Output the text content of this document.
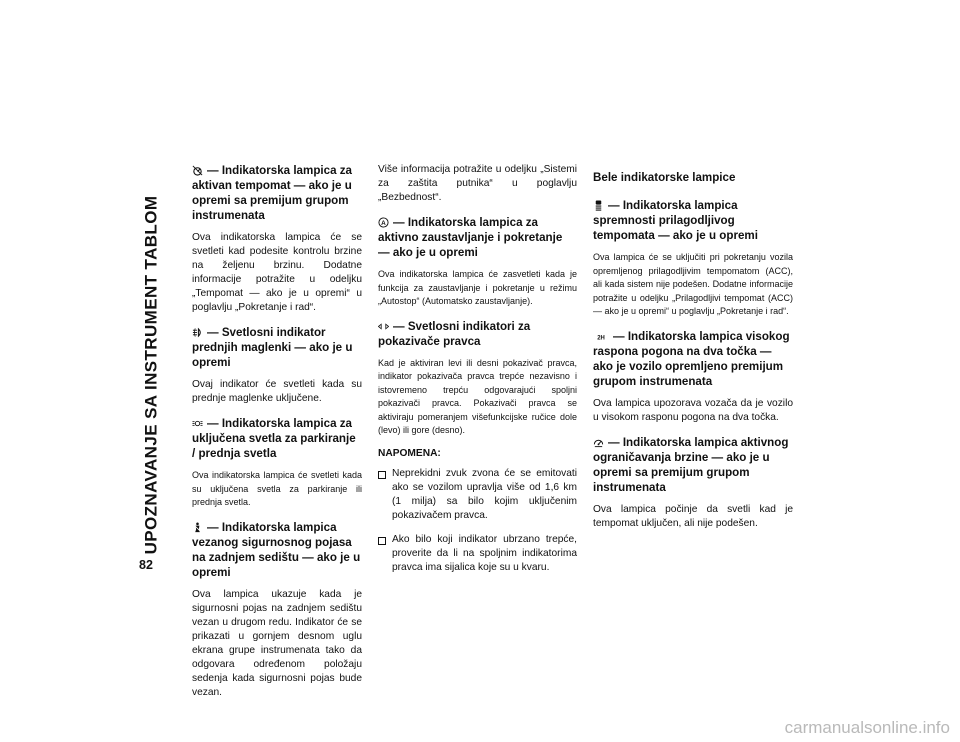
UPOZNAVANJE SA INSTRUMENT TABLOM
82
— Indikatorska lampica za aktivan tempomat — ako je u opremi sa premijum grupom instrumenata

Ova indikatorska lampica će se svetleti kad podesite kontrolu brzine na željenu brzinu. Dodatne informacije potražite u odeljku „Tempomat — ako je u opremi“ u poglavlju „Pokretanje i rad“.

— Svetlosni indikator prednjih maglenki — ako je u opremi

Ovaj indikator će svetleti kada su prednje maglenke uključene.

— Indikatorska lampica za uključena svetla za parkiranje / prednja svetla

Ova indikatorska lampica će svetleti kada su uključena svetla za parkiranje ili prednja svetla.

— Indikatorska lampica vezanog sigurnosnog pojasa na zadnjem sedištu — ako je u opremi

Ova lampica ukazuje kada je sigurnosni pojas na zadnjem sedištu vezan u drugom redu. Indikator će se prikazati u gornjem desnom uglu ekrana grupe instrumenata tako da odgovara određenom položaju sedenja kada sigurnosni pojas bude vezan.

Više informacija potražite u odeljku „Sistemi za zaštita putnika“ u poglavlju „Bezbednost“.

A — Indikatorska lampica za aktivno zaustavljanje i pokretanje — ako je u opremi

Ova indikatorska lampica će zasvetleti kada je funkcija za zaustavljanje i pokretanje u režimu „Autostop“ (Automatsko zaustavljanje).

— Svetlosni indikatori za pokazivače pravca

Kad je aktiviran levi ili desni pokazivač pravca, indikator pokazivača pravca trepće nezavisno i istovremeno trepću odgovarajući spoljni pokazivači pravca. Pokazivači pravca se aktiviraju pomeranjem višefunkcijske ručice dole (levo) ili gore (desno).

NAPOMENA:
Neprekidni zvuk zvona će se emitovati ako se vozilom upravlja više od 1,6 km (1 milja) sa bilo kojim uključenim pokazivačem pravca.
Ako bilo koji indikator ubrzano trepće, proverite da li na spoljnim indikatorima pravca ima sijalica koje su u kvaru.
Bele indikatorske lampice
— Indikatorska lampica spremnosti prilagodljivog tempomata — ako je u opremi

Ova lampica će se uključiti pri pokretanju vozila opremljenog prilagodljivim tempomatom (ACC), ali kada sistem nije podešen. Dodatne informacije potražite u odeljku „Prilagodljivi tempomat (ACC) — ako je u opremi“ u poglavlju „Pokretanje i rad“.

2H — Indikatorska lampica visokog raspona pogona na dva točka — ako je vozilo opremljeno premijum grupom instrumenata

Ova lampica upozorava vozača da je vozilo u visokom rasponu pogona na dva točka.

— Indikatorska lampica aktivnog ograničavanja brzine — ako je u opremi sa premijum grupom instrumenata

Ova lampica počinje da svetli kad je tempomat uključen, ali nije podešen.

carmanualsonline.info
